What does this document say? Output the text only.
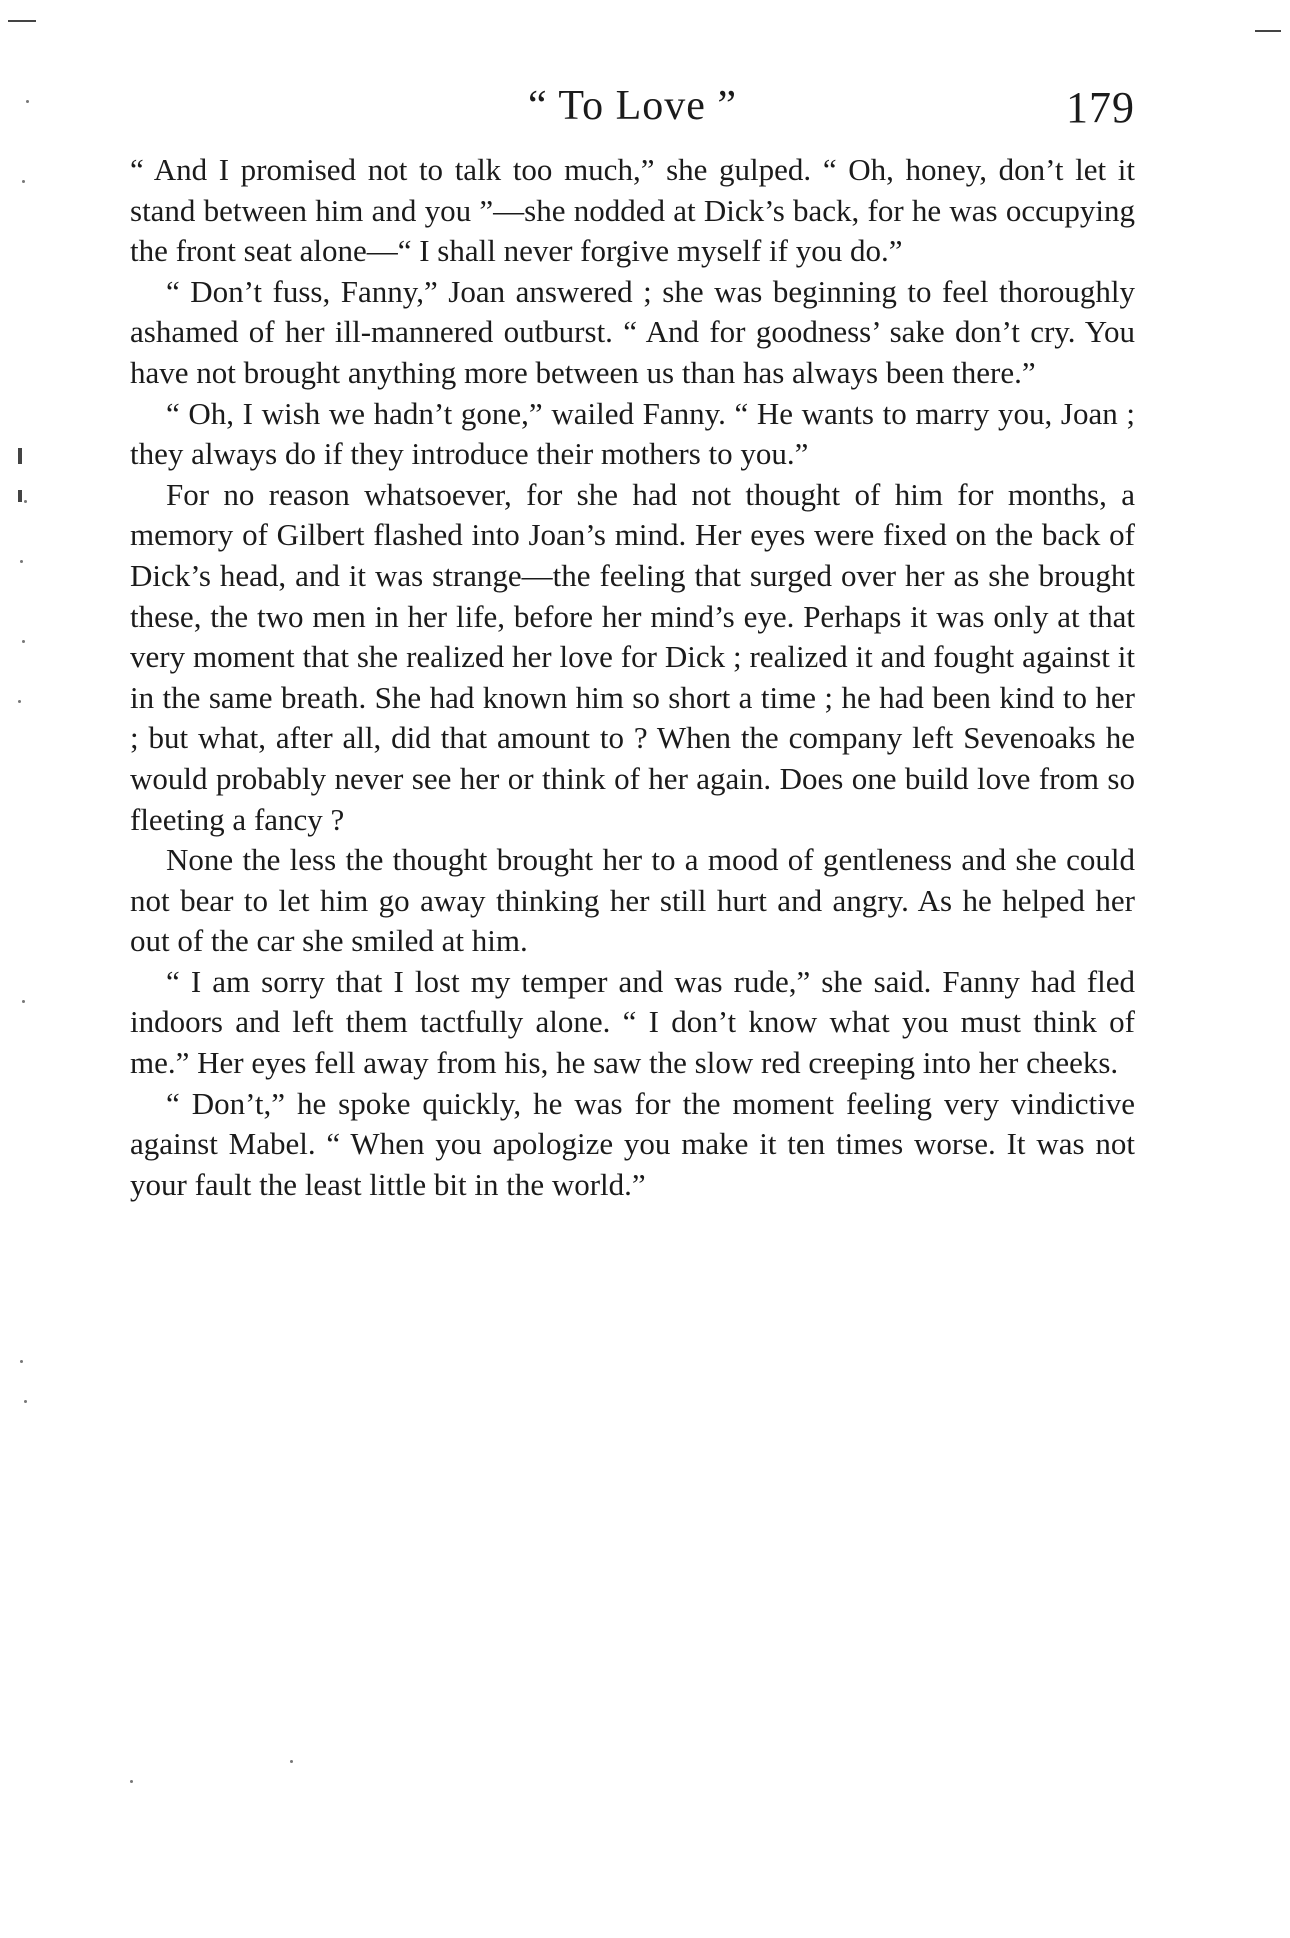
“ To Love ”	179

“ And I promised not to talk too much,” she gulped. “ Oh, honey, don’t let it stand between him and you ”—she nodded at Dick’s back, for he was occupying the front seat alone—“ I shall never forgive myself if you do.”

“ Don’t fuss, Fanny,” Joan answered ; she was beginning to feel thoroughly ashamed of her ill-mannered outburst. “ And for goodness’ sake don’t cry. You have not brought anything more between us than has always been there.”

“ Oh, I wish we hadn’t gone,” wailed Fanny. “ He wants to marry you, Joan ; they always do if they introduce their mothers to you.”

For no reason whatsoever, for she had not thought of him for months, a memory of Gilbert flashed into Joan’s mind. Her eyes were fixed on the back of Dick’s head, and it was strange—the feeling that surged over her as she brought these, the two men in her life, before her mind’s eye. Perhaps it was only at that very moment that she realized her love for Dick ; realized it and fought against it in the same breath. She had known him so short a time ; he had been kind to her ; but what, after all, did that amount to ? When the company left Sevenoaks he would probably never see her or think of her again. Does one build love from so fleeting a fancy ?

None the less the thought brought her to a mood of gentleness and she could not bear to let him go away thinking her still hurt and angry. As he helped her out of the car she smiled at him.

“ I am sorry that I lost my temper and was rude,” she said. Fanny had fled indoors and left them tactfully alone. “ I don’t know what you must think of me.” Her eyes fell away from his, he saw the slow red creeping into her cheeks.

“ Don’t,” he spoke quickly, he was for the moment feeling very vindictive against Mabel. “ When you apologize you make it ten times worse. It was not your fault the least little bit in the world.”
